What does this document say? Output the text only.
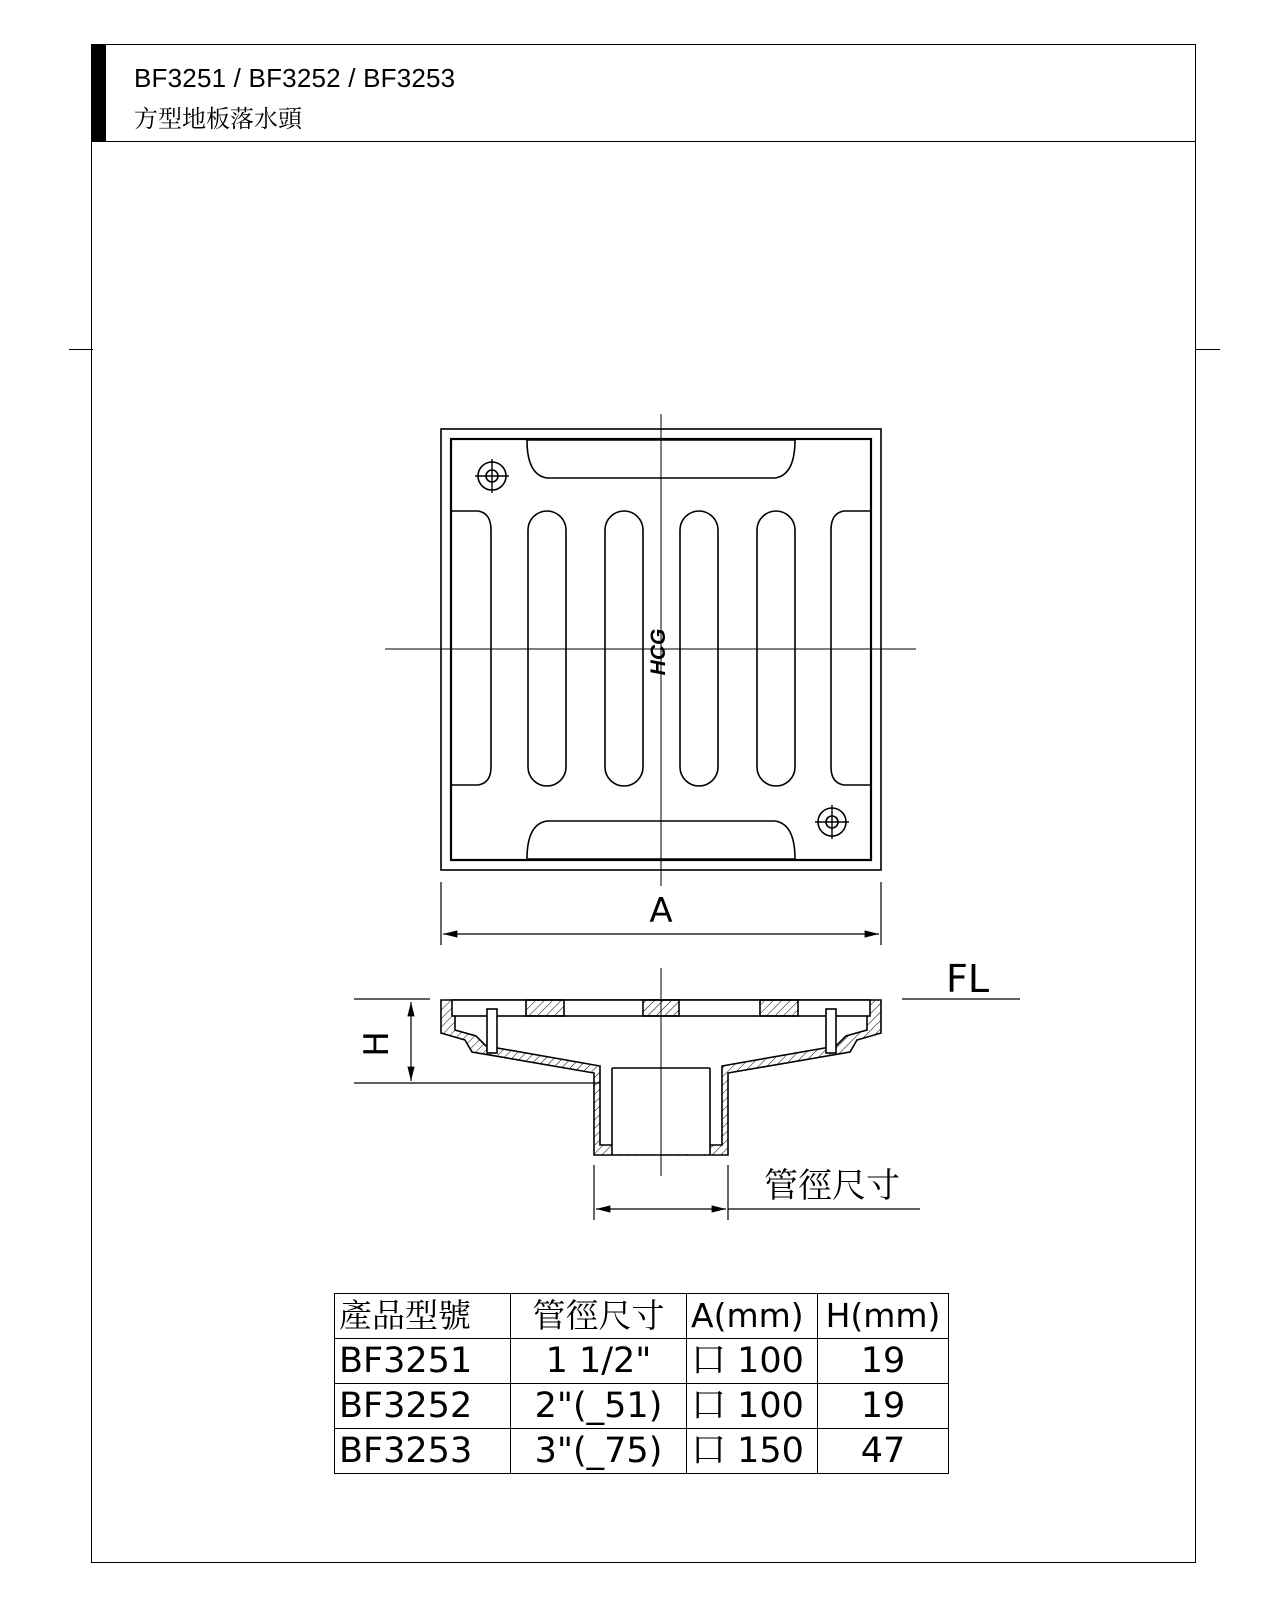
BF3251 / BF3252 / BF3253
方型地板落水頭
HCG
A
FL
H
管徑尺寸
產品型號	管徑尺寸	A(mm)	H(mm)
BF3251	1 1/2"	口 100	19
BF3252	2"(_51)	口 100	19
BF3253	3"(_75)	口 150	47
